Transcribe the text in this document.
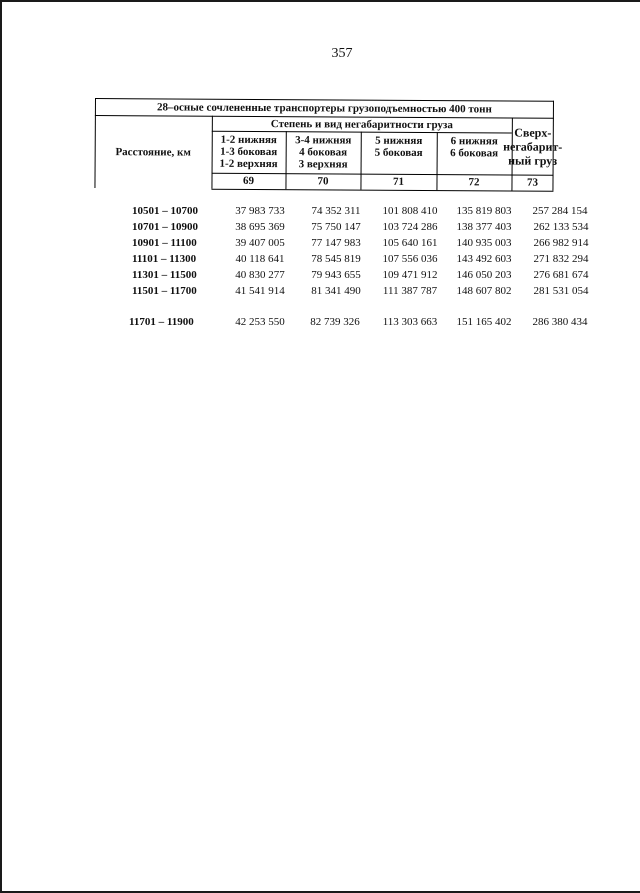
357
28–осные сочлененные транспортеры грузоподъемностью 400 тонн
Расстояние, км
Степень и вид негабаритности груза
1-2 нижняя
1-3 боковая
1-2 верхняя
3-4 нижняя
4 боковая
3 верхняя
5 нижняя
5 боковая
6 нижняя
6 боковая
Сверх-
негабарит-
ный груз
69	70	71	72	73
10501 – 10700	37 983 733	74 352 311	101 808 410	135 819 803	257 284 154
10701 – 10900	38 695 369	75 750 147	103 724 286	138 377 403	262 133 534
10901 – 11100	39 407 005	77 147 983	105 640 161	140 935 003	266 982 914
11101 – 11300	40 118 641	78 545 819	107 556 036	143 492 603	271 832 294
11301 – 11500	40 830 277	79 943 655	109 471 912	146 050 203	276 681 674
11501 – 11700	41 541 914	81 341 490	111 387 787	148 607 802	281 531 054
11701 – 11900	42 253 550	82 739 326	113 303 663	151 165 402	286 380 434
